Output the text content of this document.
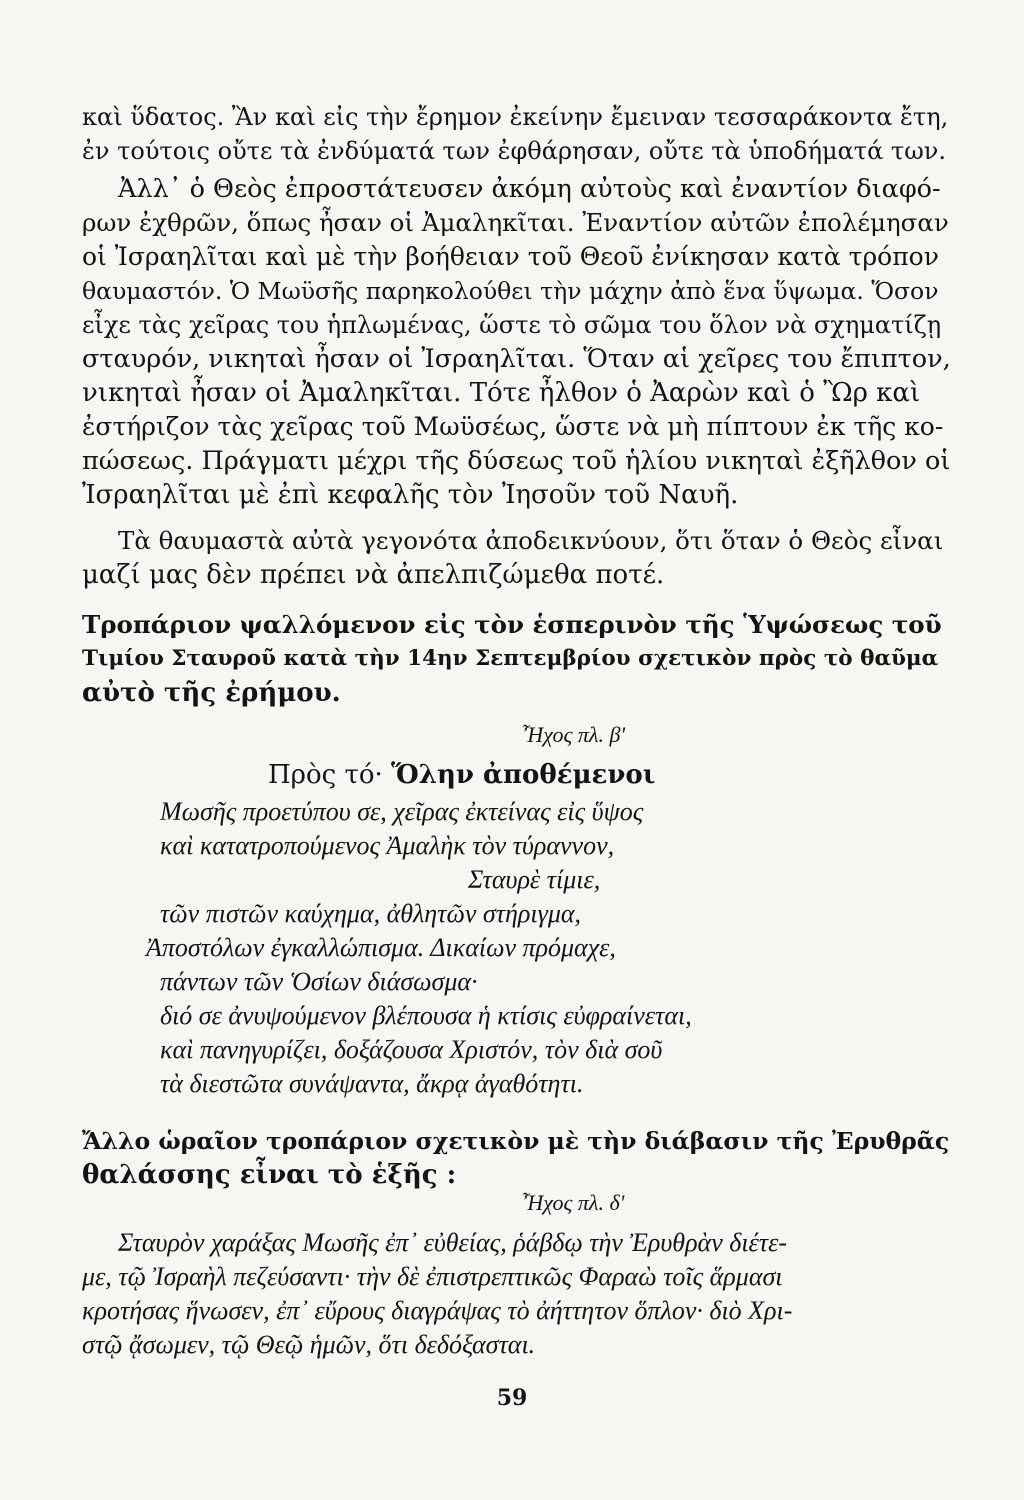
καὶ ὕδατος. Ἂν καὶ εἰς τὴν ἔρημον ἐκείνην ἔμειναν τεσσαράκοντα ἔτη,
ἐν τούτοις οὔτε τὰ ἐνδύματά των ἐφθάρησαν, οὔτε τὰ ὑποδήματά των.
Ἀλλ᾽ ὁ Θεὸς ἐπροστάτευσεν ἀκόμη αὐτοὺς καὶ ἐναντίον διαφό-
ρων ἐχθρῶν, ὅπως ἦσαν οἱ Ἀμαληκῖται. Ἐναντίον αὐτῶν ἐπολέμησαν
οἱ Ἰσραηλῖται καὶ μὲ τὴν βοήθειαν τοῦ Θεοῦ ἐνίκησαν κατὰ τρόπον
θαυμαστόν. Ὁ Μωϋσῆς παρηκολούθει τὴν μάχην ἀπὸ ἕνα ὕψωμα. Ὅσον
εἶχε τὰς χεῖρας του ἡπλωμένας, ὥστε τὸ σῶμα του ὅλον νὰ σχηματίζῃ
σταυρόν, νικηταὶ ἦσαν οἱ Ἰσραηλῖται. Ὅταν αἱ χεῖρες του ἔπιπτον,
νικηταὶ ἦσαν οἱ Ἀμαληκῖται. Τότε ἦλθον ὁ Ἀαρὼν καὶ ὁ Ὢρ καὶ
ἐστήριζον τὰς χεῖρας τοῦ Μωϋσέως, ὥστε νὰ μὴ πίπτουν ἐκ τῆς κο-
πώσεως. Πράγματι μέχρι τῆς δύσεως τοῦ ἡλίου νικηταὶ ἐξῆλθον οἱ
Ἰσραηλῖται μὲ ἐπὶ κεφαλῆς τὸν Ἰησοῦν τοῦ Ναυῆ.
Τὰ θαυμαστὰ αὐτὰ γεγονότα ἀποδεικνύουν, ὅτι ὅταν ὁ Θεὸς εἶναι
μαζί μας δὲν πρέπει νὰ ἀπελπιζώμεθα ποτέ.
Τροπάριον ψαλλόμενον εἰς τὸν ἑσπερινὸν τῆς Ὑψώσεως τοῦ
Τιμίου Σταυροῦ κατὰ τὴν 14ην Σεπτεμβρίου σχετικὸν πρὸς τὸ θαῦμα
αὐτὸ τῆς ἐρήμου.
Ἦχος πλ. β'
Πρὸς τό· Ὅλην ἀποθέμενοι
Μωσῆς προετύπου σε, χεῖρας ἐκτείνας εἰς ὕψος
καὶ κατατροπούμενος Ἀμαλὴκ τὸν τύραννον,
Σταυρὲ τίμιε,
τῶν πιστῶν καύχημα, ἀθλητῶν στήριγμα,
Ἀποστόλων ἐγκαλλώπισμα. Δικαίων πρόμαχε,
πάντων τῶν Ὁσίων διάσωσμα·
διό σε ἀνυψούμενον βλέπουσα ἡ κτίσις εὐφραίνεται,
καὶ πανηγυρίζει, δοξάζουσα Χριστόν, τὸν διὰ σοῦ
τὰ διεστῶτα συνάψαντα, ἄκρᾳ ἀγαθότητι.
Ἄλλο ὡραῖον τροπάριον σχετικὸν μὲ τὴν διάβασιν τῆς Ἐρυθρᾶς
θαλάσσης εἶναι τὸ ἑξῆς :
Ἦχος πλ. δ'
Σταυρὸν χαράξας Μωσῆς ἐπ᾽ εὐθείας, ῥάβδῳ τὴν Ἐρυθρὰν διέτε-
με, τῷ Ἰσραὴλ πεζεύσαντι· τὴν δὲ ἐπιστρεπτικῶς Φαραὼ τοῖς ἅρμασι
κροτήσας ἥνωσεν, ἐπ᾽ εὔρους διαγράψας τὸ ἀήττητον ὅπλον· διὸ Χρι-
στῷ ᾄσωμεν, τῷ Θεῷ ἡμῶν, ὅτι δεδόξασται.
59
